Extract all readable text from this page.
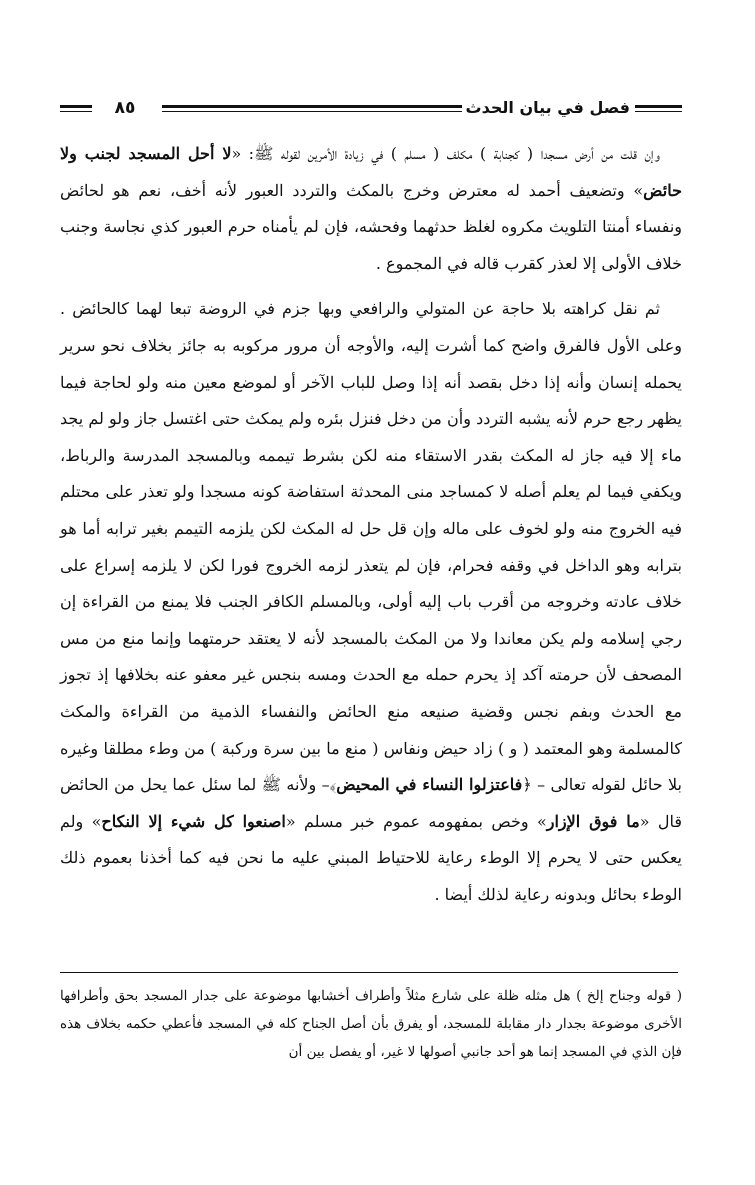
٨٥	فصل في بيان الحدث

وإن قلت من أرض مسجدا ( كجنابة ) مكلف ( مسلم ) في زيادة الأمرين لقوله ﷺ: «لا أحل المسجد لجنب ولا حائض» وتضعيف أحمد له معترض وخرج بالمكث والتردد العبور لأنه أخف، نعم هو لحائض ونفساء أمنتا التلويث مكروه لغلظ حدثهما وفحشه، فإن لم يأمناه حرم العبور كذي نجاسة وجنب خلاف الأولى إلا لعذر كقرب قاله في المجموع .

ثم نقل كراهته بلا حاجة عن المتولي والرافعي وبها جزم في الروضة تبعا لهما كالحائض . وعلى الأول فالفرق واضح كما أشرت إليه، والأوجه أن مرور مركوبه به جائز بخلاف نحو سرير يحمله إنسان وأنه إذا دخل بقصد أنه إذا وصل للباب الآخر أو لموضع معين منه ولو لحاجة فيما يظهر رجع حرم لأنه يشبه التردد وأن من دخل فنزل بئره ولم يمكث حتى اغتسل جاز ولو لم يجد ماء إلا فيه جاز له المكث بقدر الاستقاء منه لكن بشرط تيممه وبالمسجد المدرسة والرباط، ويكفي فيما لم يعلم أصله لا كمساجد منى المحدثة استفاضة كونه مسجدا ولو تعذر على محتلم فيه الخروج منه ولو لخوف على ماله وإن قل حل له المكث لكن يلزمه التيمم بغير ترابه أما هو بترابه وهو الداخل في وقفه فحرام، فإن لم يتعذر لزمه الخروج فورا لكن لا يلزمه إسراع على خلاف عادته وخروجه من أقرب باب إليه أولى، وبالمسلم الكافر الجنب فلا يمنع من القراءة إن رجي إسلامه ولم يكن معاندا ولا من المكث بالمسجد لأنه لا يعتقد حرمتهما وإنما منع من مس المصحف لأن حرمته آكد إذ يحرم حمله مع الحدث ومسه بنجس غير معفو عنه بخلافها إذ تجوز مع الحدث وبفم نجس وقضية صنيعه منع الحائض والنفساء الذمية من القراءة والمكث كالمسلمة وهو المعتمد ( و ) زاد حيض ونفاس ( منع ما بين سرة وركبة ) من وطء مطلقا وغيره بلا حائل لقوله تعالى – ﴿فاعتزلوا النساء في المحيض﴾– ولأنه ﷺ لما سئل عما يحل من الحائض قال «ما فوق الإزار» وخص بمفهومه عموم خبر مسلم «اصنعوا كل شيء إلا النكاح» ولم يعكس حتى لا يحرم إلا الوطء رعاية للاحتياط المبني عليه ما نحن فيه كما أخذنا بعموم ذلك الوطء بحائل وبدونه رعاية لذلك أيضا .

( قوله وجناح إلخ ) هل مثله ظلة على شارع مثلاً وأطراف أخشابها موضوعة على جدار المسجد بحق وأطرافها الأخرى موضوعة بجدار دار مقابلة للمسجد، أو يفرق بأن أصل الجناح كله في المسجد فأعطي حكمه بخلاف هذه فإن الذي في المسجد إنما هو أحد جانبي أصولها لا غير، أو يفصل بين أن
